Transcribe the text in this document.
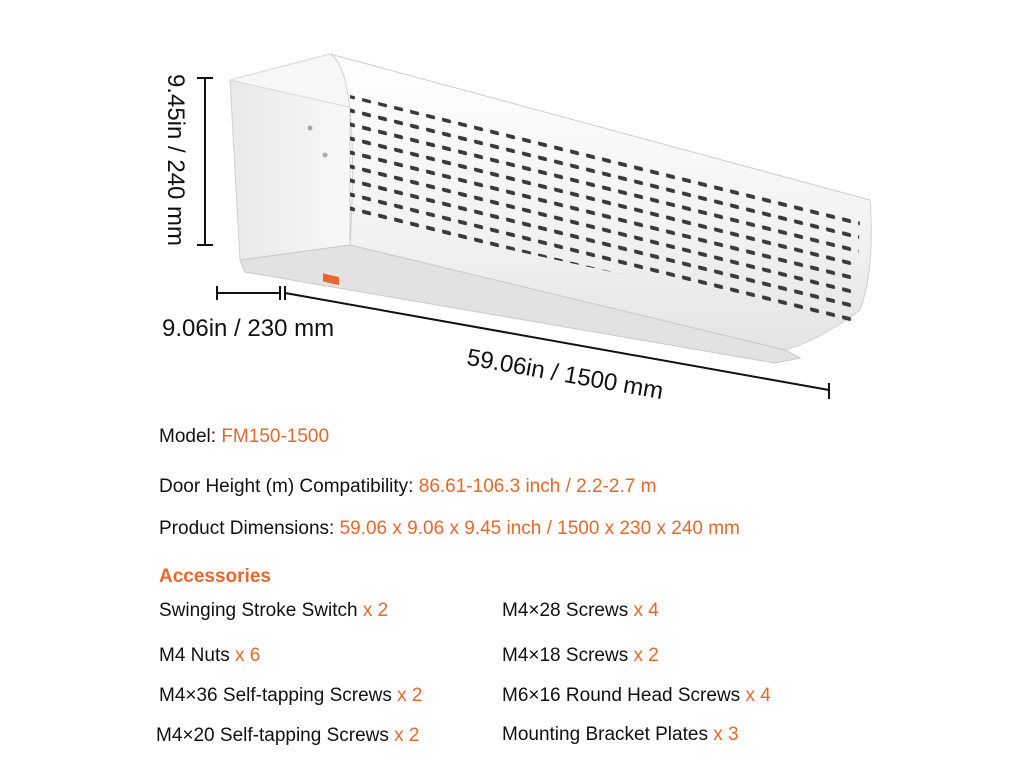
9.45in / 240 mm
9.06in / 230 mm
59.06in / 1500 mm
Model: FM150-1500
Door Height (m) Compatibility: 86.61-106.3 inch / 2.2-2.7 m
Product Dimensions: 59.06 x 9.06 x 9.45 inch / 1500 x 230 x 240 mm
Accessories
Swinging Stroke Switch x 2	M4×28 Screws x 4
M4 Nuts x 6	M4×18 Screws x 2
M4×36 Self-tapping Screws x 2	M6×16 Round Head Screws x 4
M4×20 Self-tapping Screws x 2	Mounting Bracket Plates x 3
